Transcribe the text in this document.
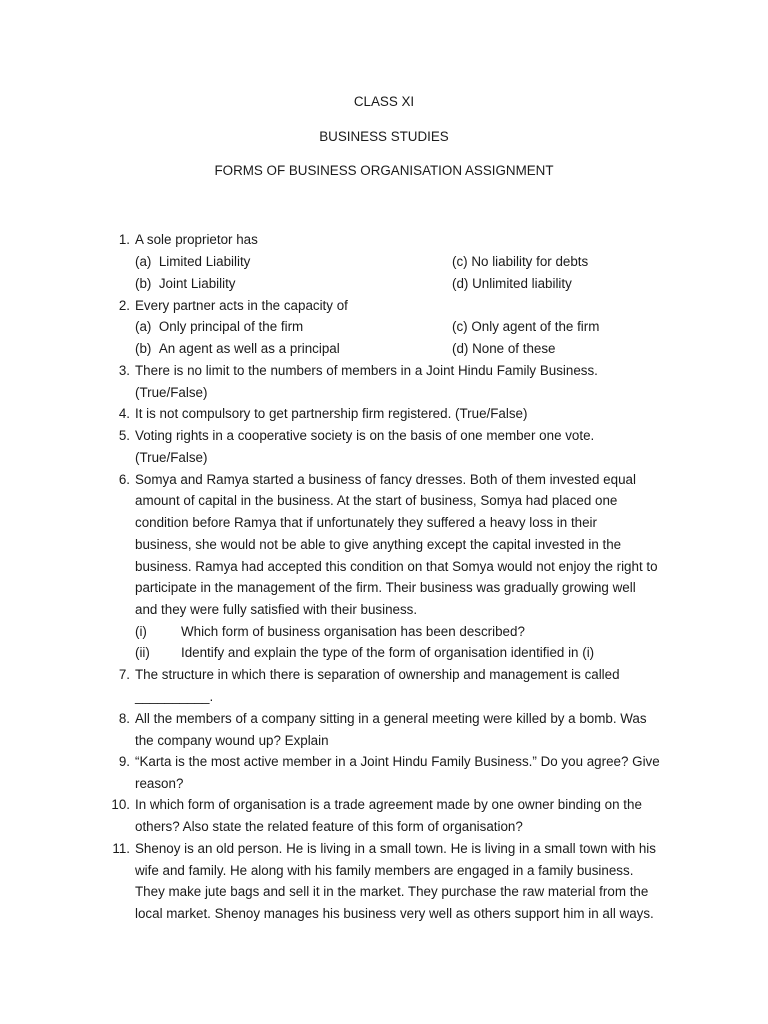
CLASS XI
BUSINESS STUDIES
FORMS OF BUSINESS ORGANISATION ASSIGNMENT
1. A sole proprietor has
(a) Limited Liability	(c) No liability for debts
(b) Joint Liability	(d) Unlimited liability
2. Every partner acts in the capacity of
(a) Only principal of the firm	(c) Only agent of the firm
(b) An agent as well as a principal	(d) None of these
3. There is no limit to the numbers of members in a Joint Hindu Family Business.
(True/False)
4. It is not compulsory to get partnership firm registered. (True/False)
5. Voting rights in a cooperative society is on the basis of one member one vote.
(True/False)
6. Somya and Ramya started a business of fancy dresses. Both of them invested equal
amount of capital in the business. At the start of business, Somya had placed one
condition before Ramya that if unfortunately they suffered a heavy loss in their
business, she would not be able to give anything except the capital invested in the
business. Ramya had accepted this condition on that Somya would not enjoy the right to
participate in the management of the firm. Their business was gradually growing well
and they were fully satisfied with their business.
(i)	Which form of business organisation has been described?
(ii) Identify and explain the type of the form of organisation identified in (i)
7. The structure in which there is separation of ownership and management is called
__________.
8. All the members of a company sitting in a general meeting were killed by a bomb. Was
the company wound up? Explain
9. “Karta is the most active member in a Joint Hindu Family Business.” Do you agree? Give
reason?
10. In which form of organisation is a trade agreement made by one owner binding on the
others? Also state the related feature of this form of organisation?
11. Shenoy is an old person. He is living in a small town. He is living in a small town with his
wife and family. He along with his family members are engaged in a family business.
They make jute bags and sell it in the market. They purchase the raw material from the
local market. Shenoy manages his business very well as others support him in all ways.
